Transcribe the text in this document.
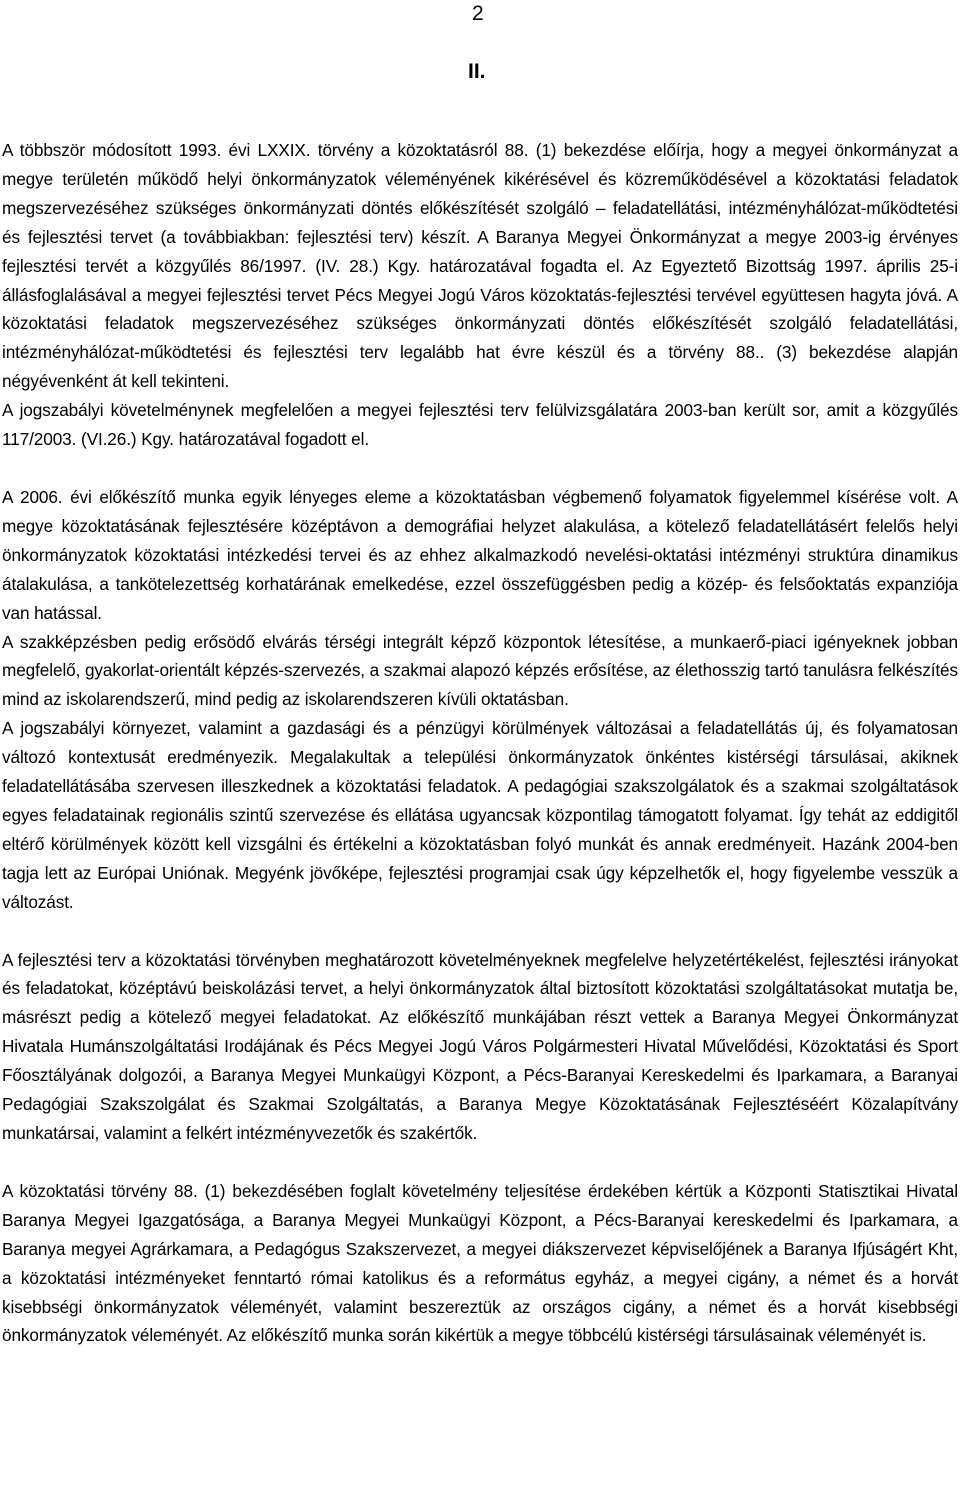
2
II.

A többször módosított 1993. évi LXXIX. törvény a közoktatásról 88. (1) bekezdése előírja, hogy a megyei önkormányzat a megye területén működő helyi önkormányzatok véleményének kikérésével és közreműködésével a közoktatási feladatok megszervezéséhez szükséges önkormányzati döntés előkészítését szolgáló – feladatellátási, intézményhálózat-működtetési és fejlesztési tervet (a továbbiakban: fejlesztési terv) készít. A Baranya Megyei Önkormányzat a megye 2003-ig érvényes fejlesztési tervét a közgyűlés 86/1997. (IV. 28.) Kgy. határozatával fogadta el. Az Egyeztető Bizottság 1997. április 25-i állásfoglalásával a megyei fejlesztési tervet Pécs Megyei Jogú Város közoktatás-fejlesztési tervével együttesen hagyta jóvá. A közoktatási feladatok megszervezéséhez szükséges önkormányzati döntés előkészítését szolgáló feladatellátási, intézményhálózat-működtetési és fejlesztési terv legalább hat évre készül és a törvény 88.. (3) bekezdése alapján négyévenként át kell tekinteni.

A jogszabályi követelménynek megfelelően a megyei fejlesztési terv felülvizsgálatára 2003-ban került sor, amit a közgyűlés 117/2003. (VI.26.) Kgy. határozatával fogadott el.

A 2006. évi előkészítő munka egyik lényeges eleme a közoktatásban végbemenő folyamatok figyelemmel kísérése volt. A megye közoktatásának fejlesztésére középtávon a demográfiai helyzet alakulása, a kötelező feladatellátásért felelős helyi önkormányzatok közoktatási intézkedési tervei és az ehhez alkalmazkodó nevelési-oktatási intézményi struktúra dinamikus átalakulása, a tankötelezettség korhatárának emelkedése, ezzel összefüggésben pedig a közép- és felsőoktatás expanziója van hatással.

A szakképzésben pedig erősödő elvárás térségi integrált képző központok létesítése, a munkaerő-piaci igényeknek jobban megfelelő, gyakorlat-orientált képzés-szervezés, a szakmai alapozó képzés erősítése, az élethosszig tartó tanulásra felkészítés mind az iskolarendszerű, mind pedig az iskolarendszeren kívüli oktatásban.

A jogszabályi környezet, valamint a gazdasági és a pénzügyi körülmények változásai a feladatellátás új, és folyamatosan változó kontextusát eredményezik. Megalakultak a települési önkormányzatok önkéntes kistérségi társulásai, akiknek feladatellátásába szervesen illeszkednek a közoktatási feladatok. A pedagógiai szakszolgálatok és a szakmai szolgáltatások egyes feladatainak regionális szintű szervezése és ellátása ugyancsak központilag támogatott folyamat. Így tehát az eddigitől eltérő körülmények között kell vizsgálni és értékelni a közoktatásban folyó munkát és annak eredményeit. Hazánk 2004-ben tagja lett az Európai Uniónak. Megyénk jövőképe, fejlesztési programjai csak úgy képzelhetők el, hogy figyelembe vesszük a változást.

A fejlesztési terv a közoktatási törvényben meghatározott követelményeknek megfelelve helyzetértékelést, fejlesztési irányokat és feladatokat, középtávú beiskolázási tervet, a helyi önkormányzatok által biztosított közoktatási szolgáltatásokat mutatja be, másrészt pedig a kötelező megyei feladatokat. Az előkészítő munkájában részt vettek a Baranya Megyei Önkormányzat Hivatala Humánszolgáltatási Irodájának és Pécs Megyei Jogú Város Polgármesteri Hivatal Művelődési, Közoktatási és Sport Főosztályának dolgozói, a Baranya Megyei Munkaügyi Központ, a Pécs-Baranyai Kereskedelmi és Iparkamara, a Baranyai Pedagógiai Szakszolgálat és Szakmai Szolgáltatás, a Baranya Megye Közoktatásának Fejlesztéséért Közalapítvány munkatársai, valamint a felkért intézményvezetők és szakértők.

A közoktatási törvény 88. (1) bekezdésében foglalt követelmény teljesítése érdekében kértük a Központi Statisztikai Hivatal Baranya Megyei Igazgatósága, a Baranya Megyei Munkaügyi Központ, a Pécs-Baranyai kereskedelmi és Iparkamara, a Baranya megyei Agrárkamara, a Pedagógus Szakszervezet, a megyei diákszervezet képviselőjének a Baranya Ifjúságért Kht, a közoktatási intézményeket fenntartó római katolikus és a református egyház, a megyei cigány, a német és a horvát kisebbségi önkormányzatok véleményét, valamint beszereztük az országos cigány, a német és a horvát kisebbségi önkormányzatok véleményét. Az előkészítő munka során kikértük a megye többcélú kistérségi társulásainak véleményét is.
